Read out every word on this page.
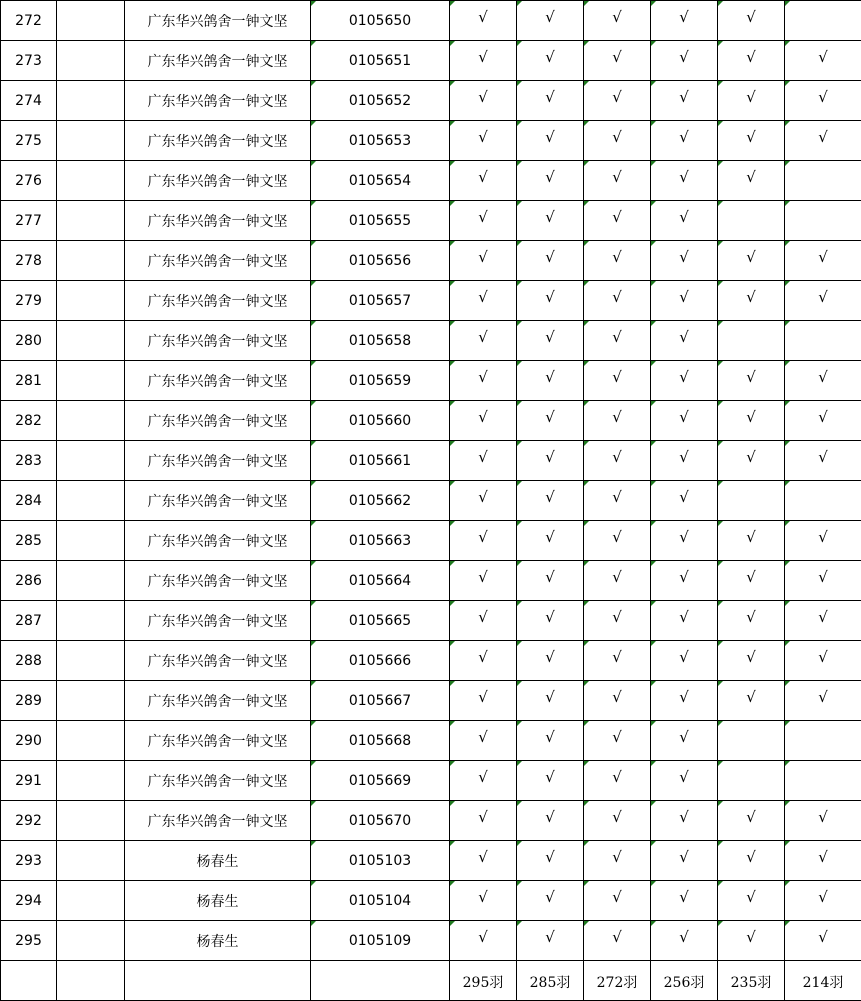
272		广东华兴鸽舍一钟文坚	0105650	√	√	√	√	√	
273		广东华兴鸽舍一钟文坚	0105651	√	√	√	√	√	√
274		广东华兴鸽舍一钟文坚	0105652	√	√	√	√	√	√
275		广东华兴鸽舍一钟文坚	0105653	√	√	√	√	√	√
276		广东华兴鸽舍一钟文坚	0105654	√	√	√	√	√	
277		广东华兴鸽舍一钟文坚	0105655	√	√	√	√		
278		广东华兴鸽舍一钟文坚	0105656	√	√	√	√	√	√
279		广东华兴鸽舍一钟文坚	0105657	√	√	√	√	√	√
280		广东华兴鸽舍一钟文坚	0105658	√	√	√	√		
281		广东华兴鸽舍一钟文坚	0105659	√	√	√	√	√	√
282		广东华兴鸽舍一钟文坚	0105660	√	√	√	√	√	√
283		广东华兴鸽舍一钟文坚	0105661	√	√	√	√	√	√
284		广东华兴鸽舍一钟文坚	0105662	√	√	√	√		
285		广东华兴鸽舍一钟文坚	0105663	√	√	√	√	√	√
286		广东华兴鸽舍一钟文坚	0105664	√	√	√	√	√	√
287		广东华兴鸽舍一钟文坚	0105665	√	√	√	√	√	√
288		广东华兴鸽舍一钟文坚	0105666	√	√	√	√	√	√
289		广东华兴鸽舍一钟文坚	0105667	√	√	√	√	√	√
290		广东华兴鸽舍一钟文坚	0105668	√	√	√	√		
291		广东华兴鸽舍一钟文坚	0105669	√	√	√	√		
292		广东华兴鸽舍一钟文坚	0105670	√	√	√	√	√	√
293		杨春生	0105103	√	√	√	√	√	√
294		杨春生	0105104	√	√	√	√	√	√
295		杨春生	0105109	√	√	√	√	√	√
				295羽	285羽	272羽	256羽	235羽	214羽
